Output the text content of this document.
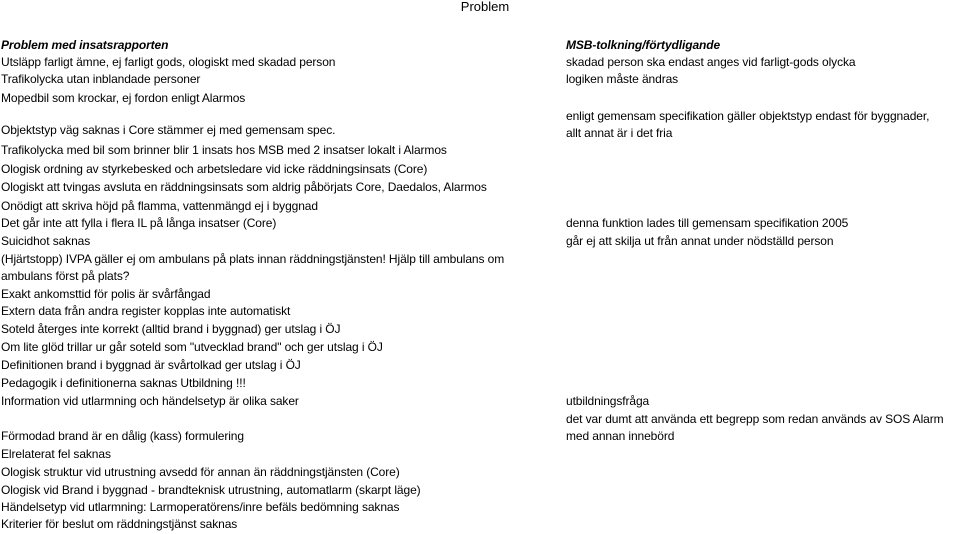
Problem
Problem med insatsrapporten
Utsläpp farligt ämne, ej farligt gods, ologiskt med skadad person
Trafikolycka utan inblandade personer
Mopedbil som krockar, ej fordon enligt Alarmos
Objektstyp väg saknas i Core stämmer ej med gemensam spec.
Trafikolycka med bil som brinner blir 1 insats hos MSB med 2 insatser lokalt i Alarmos
Ologisk ordning av styrkebesked och arbetsledare vid icke räddningsinsats (Core)
Ologiskt att tvingas avsluta en räddningsinsats som aldrig påbörjats Core, Daedalos, Alarmos
Onödigt att skriva höjd på flamma, vattenmängd ej i byggnad
Det går inte att fylla i flera IL på långa insatser (Core)
Suicidhot saknas
(Hjärtstopp) IVPA gäller ej om ambulans på plats innan räddningstjänsten! Hjälp till ambulans om
ambulans först på plats?
Exakt ankomsttid för polis är svårfångad
Extern data från andra register kopplas inte automatiskt
Soteld återges inte korrekt (alltid brand i byggnad) ger utslag i ÖJ
Om lite glöd trillar ur går soteld som "utvecklad brand" och ger utslag i ÖJ
Definitionen brand i byggnad är svårtolkad ger utslag i ÖJ
Pedagogik i definitionerna saknas Utbildning !!!
Information vid utlarmning och händelsetyp är olika saker
Förmodad brand är en dålig (kass) formulering
Elrelaterat fel saknas
Ologisk struktur vid utrustning avsedd för annan än räddningstjänsten (Core)
Ologisk vid Brand i byggnad - brandteknisk utrustning, automatlarm (skarpt läge)
Händelsetyp vid utlarmning: Larmoperatörens/inre befäls bedömning saknas
Kriterier för beslut om räddningstjänst saknas
MSB-tolkning/förtydligande
skadad person ska endast anges vid farligt-gods olycka
logiken måste ändras
enligt gemensam specifikation gäller objektstyp endast för byggnader,
allt annat är i det fria
denna funktion lades till gemensam specifikation 2005
går ej att skilja ut från annat under nödställd person
utbildningsfråga
det var dumt att använda ett begrepp som redan används av SOS Alarm
med annan innebörd
